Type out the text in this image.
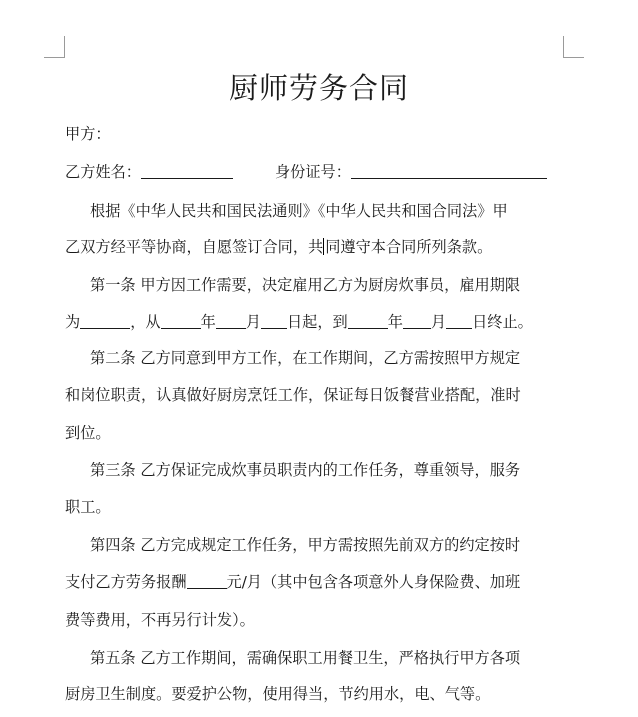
厨师劳务合同
甲方：
乙方姓名：	身份证号：
根据《中华人民共和国民法通则》《中华人民共和国合同法》甲
乙双方经平等协商，自愿签订合同，共 同遵守本合同所列条款。
第一条 甲方因工作需要，决定雇用乙方为厨房炊事员，雇用期限
为	，从	年 月 日起，到	年 月 日终止。
第二条 乙方同意到甲方工作，在工作期间，乙方需按照甲方规定
和岗位职责，认真做好厨房烹饪工作，保证每日饭餐营业搭配，准时
到位。
第三条 乙方保证完成炊事员职责内的工作任务，尊重领导，服务
职工。
第四条 乙方完成规定工作任务，甲方需按照先前双方的约定按时
支付乙方劳务报酬	元/月（其中包含各项意外人身保险费、加班
费等费用，不再另行计发）。
第五条 乙方工作期间，需确保职工用餐卫生，严格执行甲方各项
厨房卫生制度。要爱护公物，使用得当，节约用水，电、气等。
